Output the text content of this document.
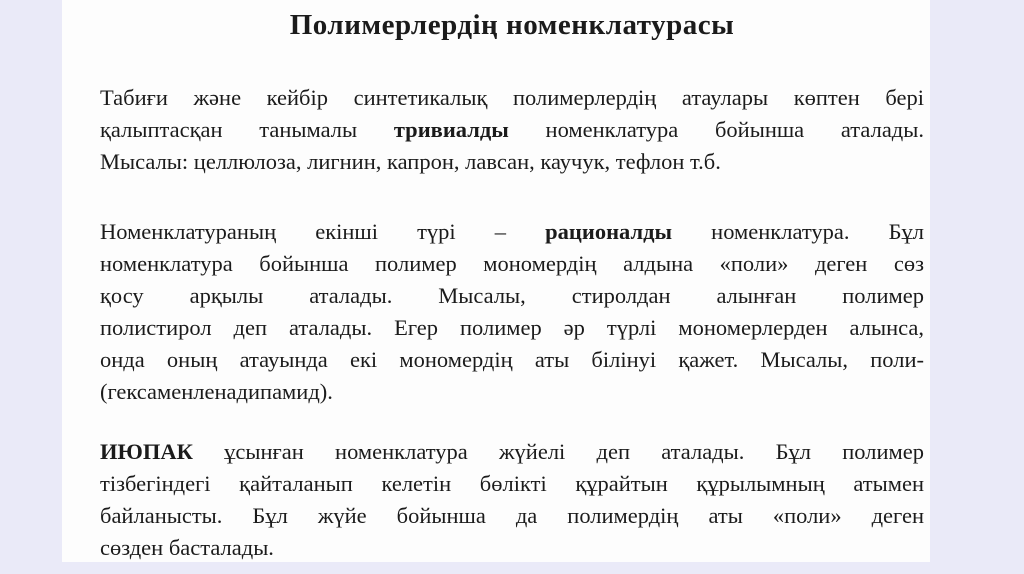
Полимерлердің номенклатурасы
Табиғи және кейбір синтетикалық полимерлердің атаулары көптен бері
қалыптасқан танымалы тривиалды номенклатура бойынша аталады.
Мысалы: целлюлоза, лигнин, капрон, лавсан, каучук, тефлон т.б.
Номенклатураның екінші түрі – рационалды номенклатура. Бұл
номенклатура бойынша полимер мономердің алдына «поли» деген сөз
қосу арқылы аталады. Мысалы, стиролдан алынған полимер
полистирол деп аталады. Егер полимер әр түрлі мономерлерден алынса,
онда оның атауында екі мономердің аты білінуі қажет. Мысалы, поли-
(гексаменленадипамид).
ИЮПАК ұсынған номенклатура жүйелі деп аталады. Бұл полимер
тізбегіндегі қайталанып келетін бөлікті құрайтын құрылымның атымен
байланысты. Бұл жүйе бойынша да полимердің аты «поли» деген
сөзден басталады.
